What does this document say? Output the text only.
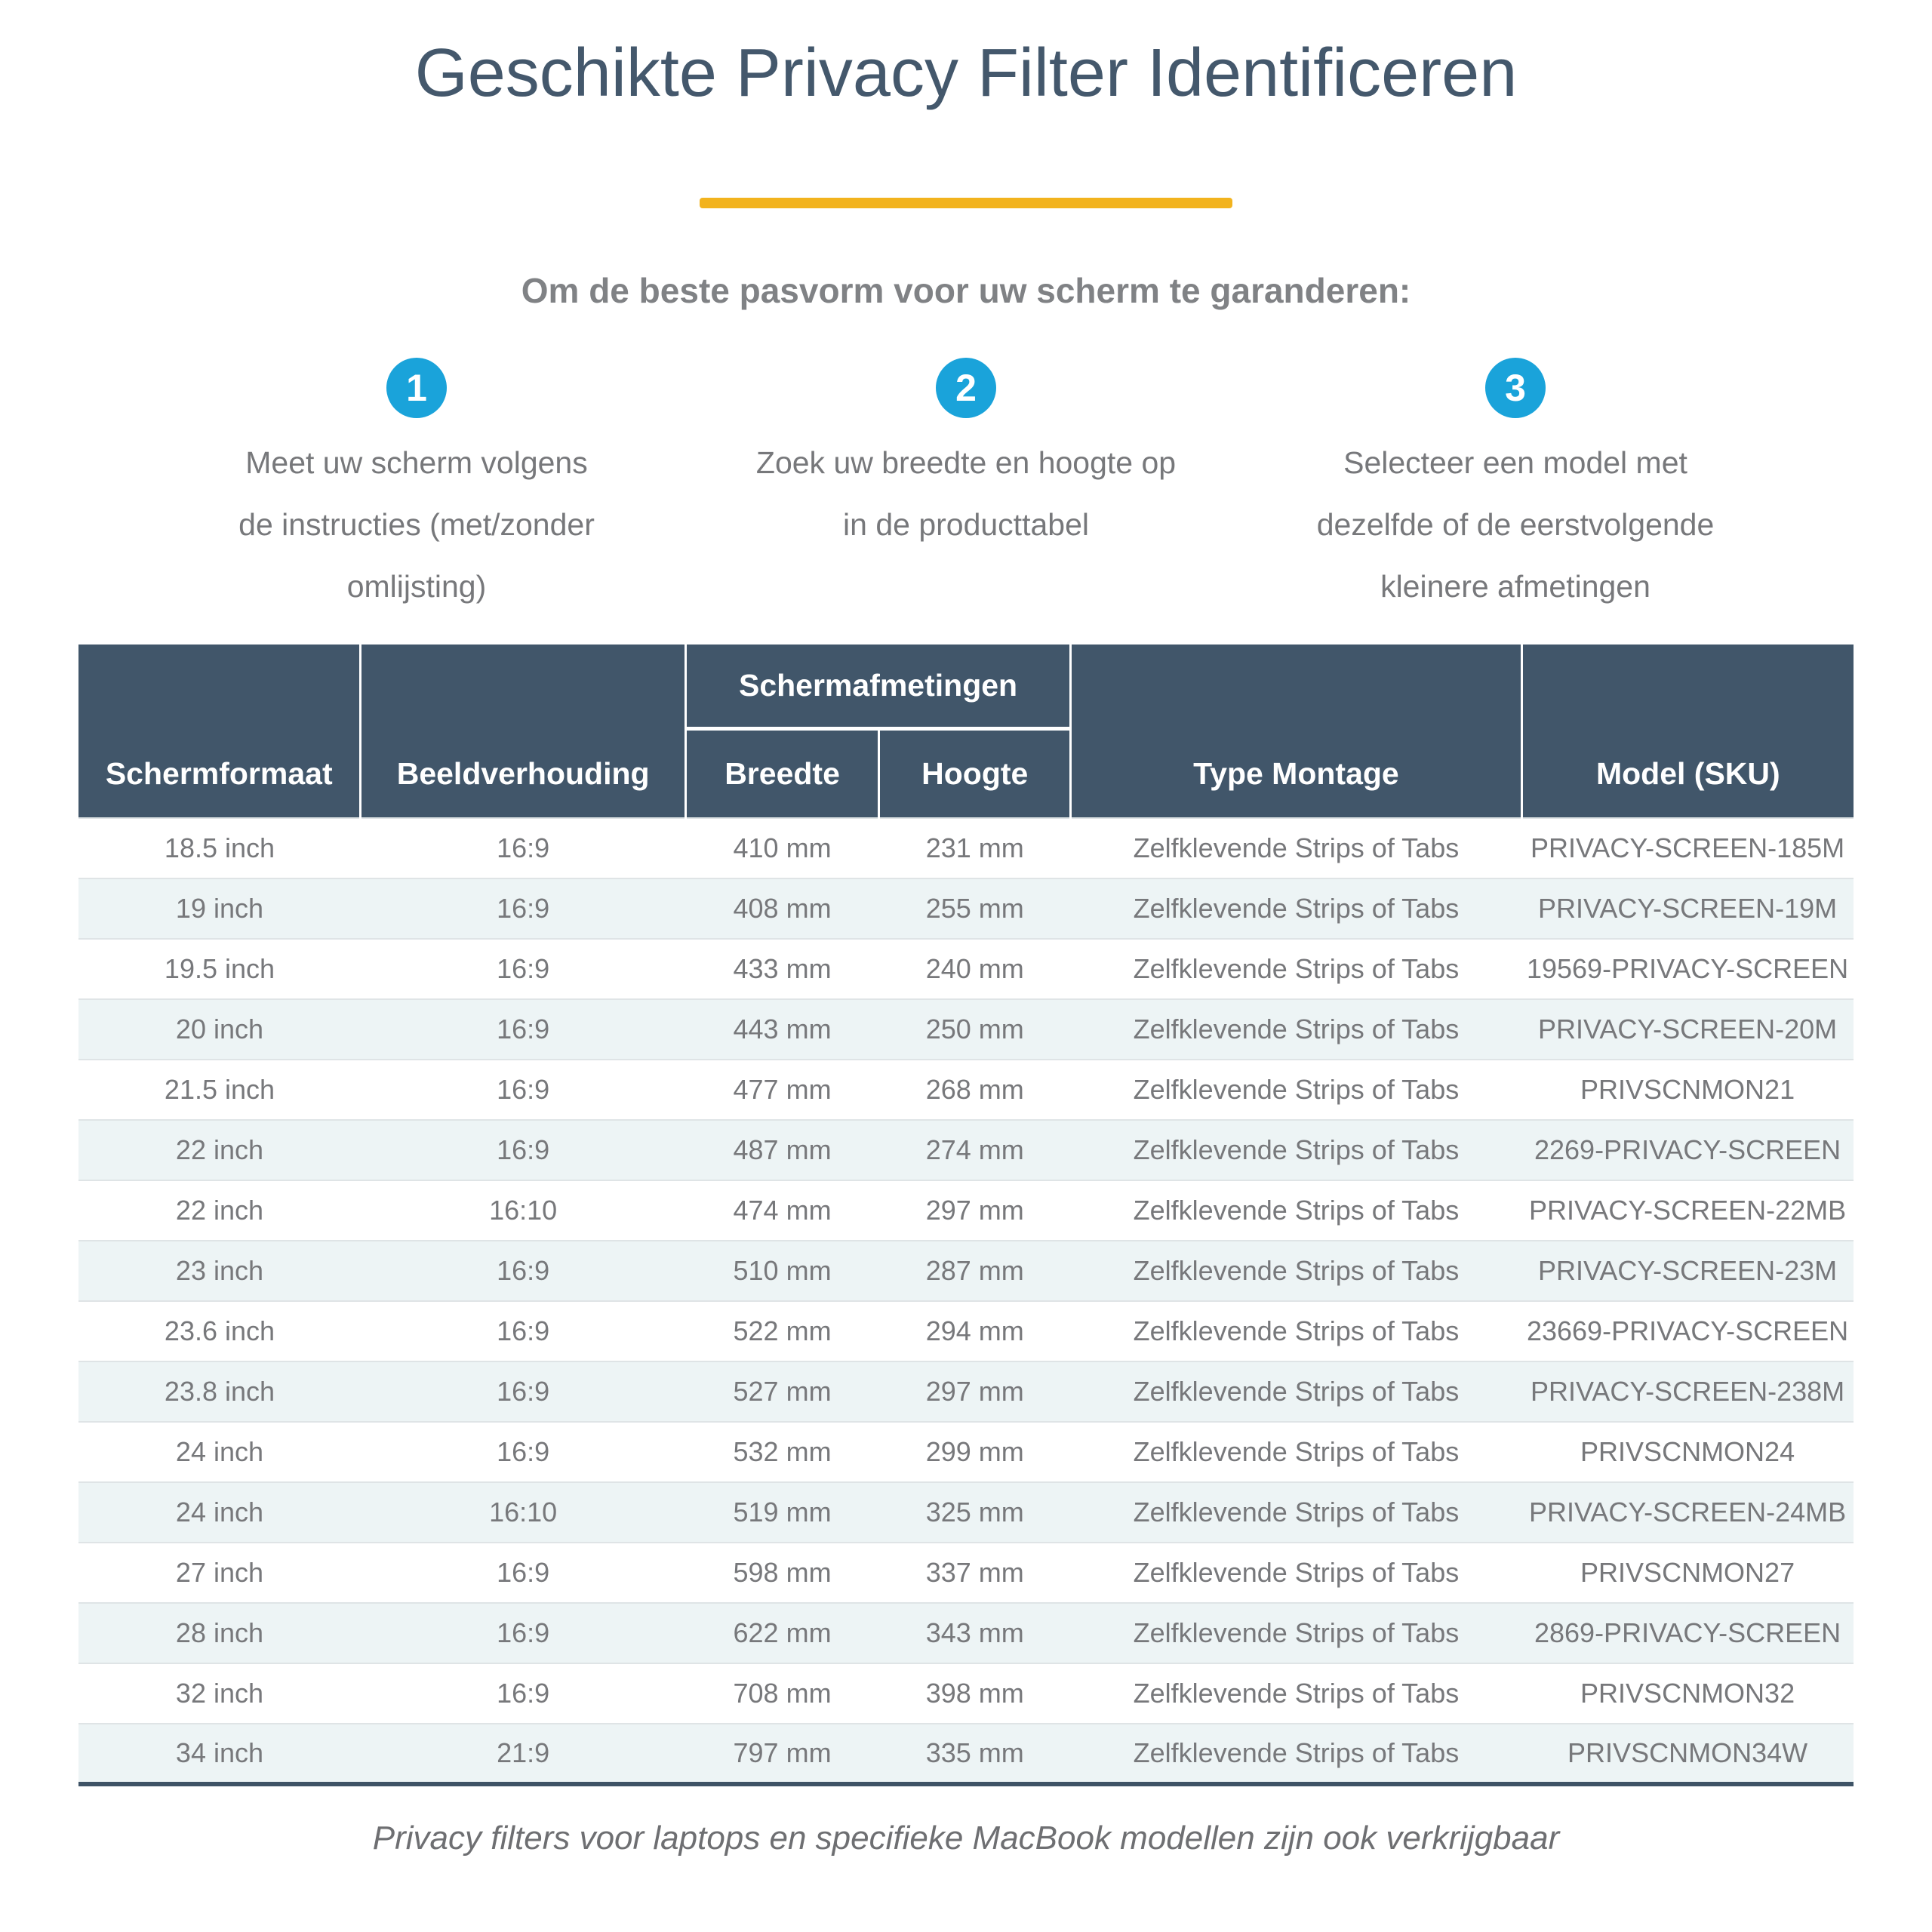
Geschikte Privacy Filter Identificeren
Om de beste pasvorm voor uw scherm te garanderen:
1
Meet uw scherm volgens
de instructies (met/zonder
omlijsting)
2
Zoek uw breedte en hoogte op
in de producttabel
3
Selecteer een model met
dezelfde of de eerstvolgende
kleinere afmetingen
Schermformaat	Beeldverhouding	Schermafmetingen		Type Montage	Model (SKU)
		Breedte	Hoogte		
18.5 inch	16:9	410 mm	231 mm	Zelfklevende Strips of Tabs	PRIVACY-SCREEN-185M
19 inch	16:9	408 mm	255 mm	Zelfklevende Strips of Tabs	PRIVACY-SCREEN-19M
19.5 inch	16:9	433 mm	240 mm	Zelfklevende Strips of Tabs	19569-PRIVACY-SCREEN
20 inch	16:9	443 mm	250 mm	Zelfklevende Strips of Tabs	PRIVACY-SCREEN-20M
21.5 inch	16:9	477 mm	268 mm	Zelfklevende Strips of Tabs	PRIVSCNMON21
22 inch	16:9	487 mm	274 mm	Zelfklevende Strips of Tabs	2269-PRIVACY-SCREEN
22 inch	16:10	474 mm	297 mm	Zelfklevende Strips of Tabs	PRIVACY-SCREEN-22MB
23 inch	16:9	510 mm	287 mm	Zelfklevende Strips of Tabs	PRIVACY-SCREEN-23M
23.6 inch	16:9	522 mm	294 mm	Zelfklevende Strips of Tabs	23669-PRIVACY-SCREEN
23.8 inch	16:9	527 mm	297 mm	Zelfklevende Strips of Tabs	PRIVACY-SCREEN-238M
24 inch	16:9	532 mm	299 mm	Zelfklevende Strips of Tabs	PRIVSCNMON24
24 inch	16:10	519 mm	325 mm	Zelfklevende Strips of Tabs	PRIVACY-SCREEN-24MB
27 inch	16:9	598 mm	337 mm	Zelfklevende Strips of Tabs	PRIVSCNMON27
28 inch	16:9	622 mm	343 mm	Zelfklevende Strips of Tabs	2869-PRIVACY-SCREEN
32 inch	16:9	708 mm	398 mm	Zelfklevende Strips of Tabs	PRIVSCNMON32
34 inch	21:9	797 mm	335 mm	Zelfklevende Strips of Tabs	PRIVSCNMON34W
Privacy filters voor laptops en specifieke MacBook modellen zijn ook verkrijgbaar
